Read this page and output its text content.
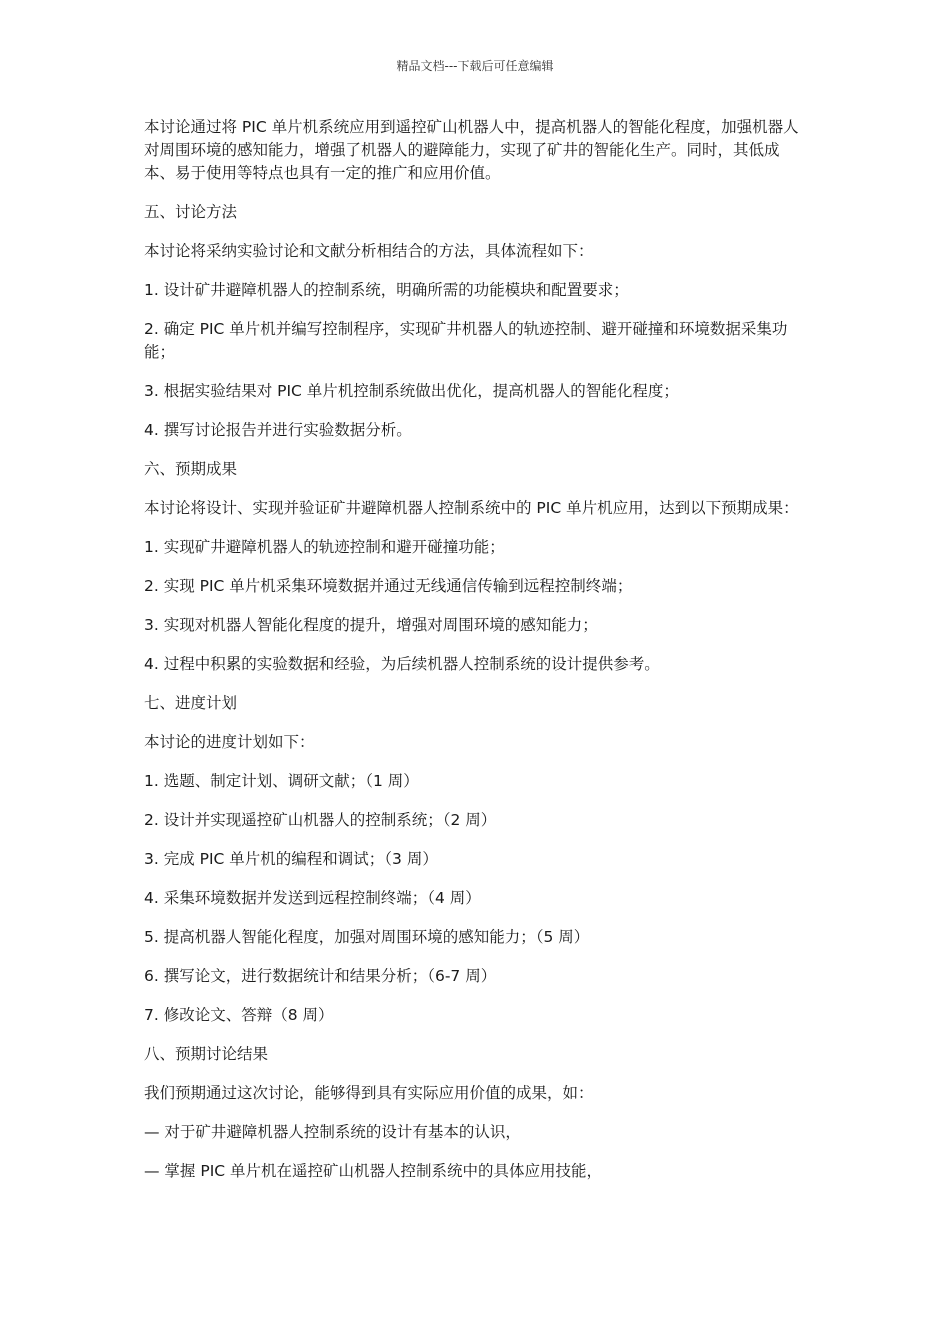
精品文档---下载后可任意编辑

本讨论通过将 PIC 单片机系统应用到遥控矿山机器人中，提高机器人的智能化程度，加强机器人对周围环境的感知能力，增强了机器人的避障能力，实现了矿井的智能化生产。同时，其低成本、易于使用等特点也具有一定的推广和应用价值。

五、讨论方法

本讨论将采纳实验讨论和文献分析相结合的方法，具体流程如下：

1. 设计矿井避障机器人的控制系统，明确所需的功能模块和配置要求；

2. 确定 PIC 单片机并编写控制程序，实现矿井机器人的轨迹控制、避开碰撞和环境数据采集功能；

3. 根据实验结果对 PIC 单片机控制系统做出优化，提高机器人的智能化程度；

4. 撰写讨论报告并进行实验数据分析。

六、预期成果

本讨论将设计、实现并验证矿井避障机器人控制系统中的 PIC 单片机应用，达到以下预期成果：

1. 实现矿井避障机器人的轨迹控制和避开碰撞功能；

2. 实现 PIC 单片机采集环境数据并通过无线通信传输到远程控制终端；

3. 实现对机器人智能化程度的提升，增强对周围环境的感知能力；

4. 过程中积累的实验数据和经验，为后续机器人控制系统的设计提供参考。

七、进度计划

本讨论的进度计划如下：

1. 选题、制定计划、调研文献；（1 周）

2. 设计并实现遥控矿山机器人的控制系统；（2 周）

3. 完成 PIC 单片机的编程和调试；（3 周）

4. 采集环境数据并发送到远程控制终端；（4 周）

5. 提高机器人智能化程度，加强对周围环境的感知能力；（5 周）

6. 撰写论文，进行数据统计和结果分析；（6-7 周）

7. 修改论文、答辩（8 周）

八、预期讨论结果

我们预期通过这次讨论，能够得到具有实际应用价值的成果，如：

— 对于矿井避障机器人控制系统的设计有基本的认识，

— 掌握 PIC 单片机在遥控矿山机器人控制系统中的具体应用技能，
